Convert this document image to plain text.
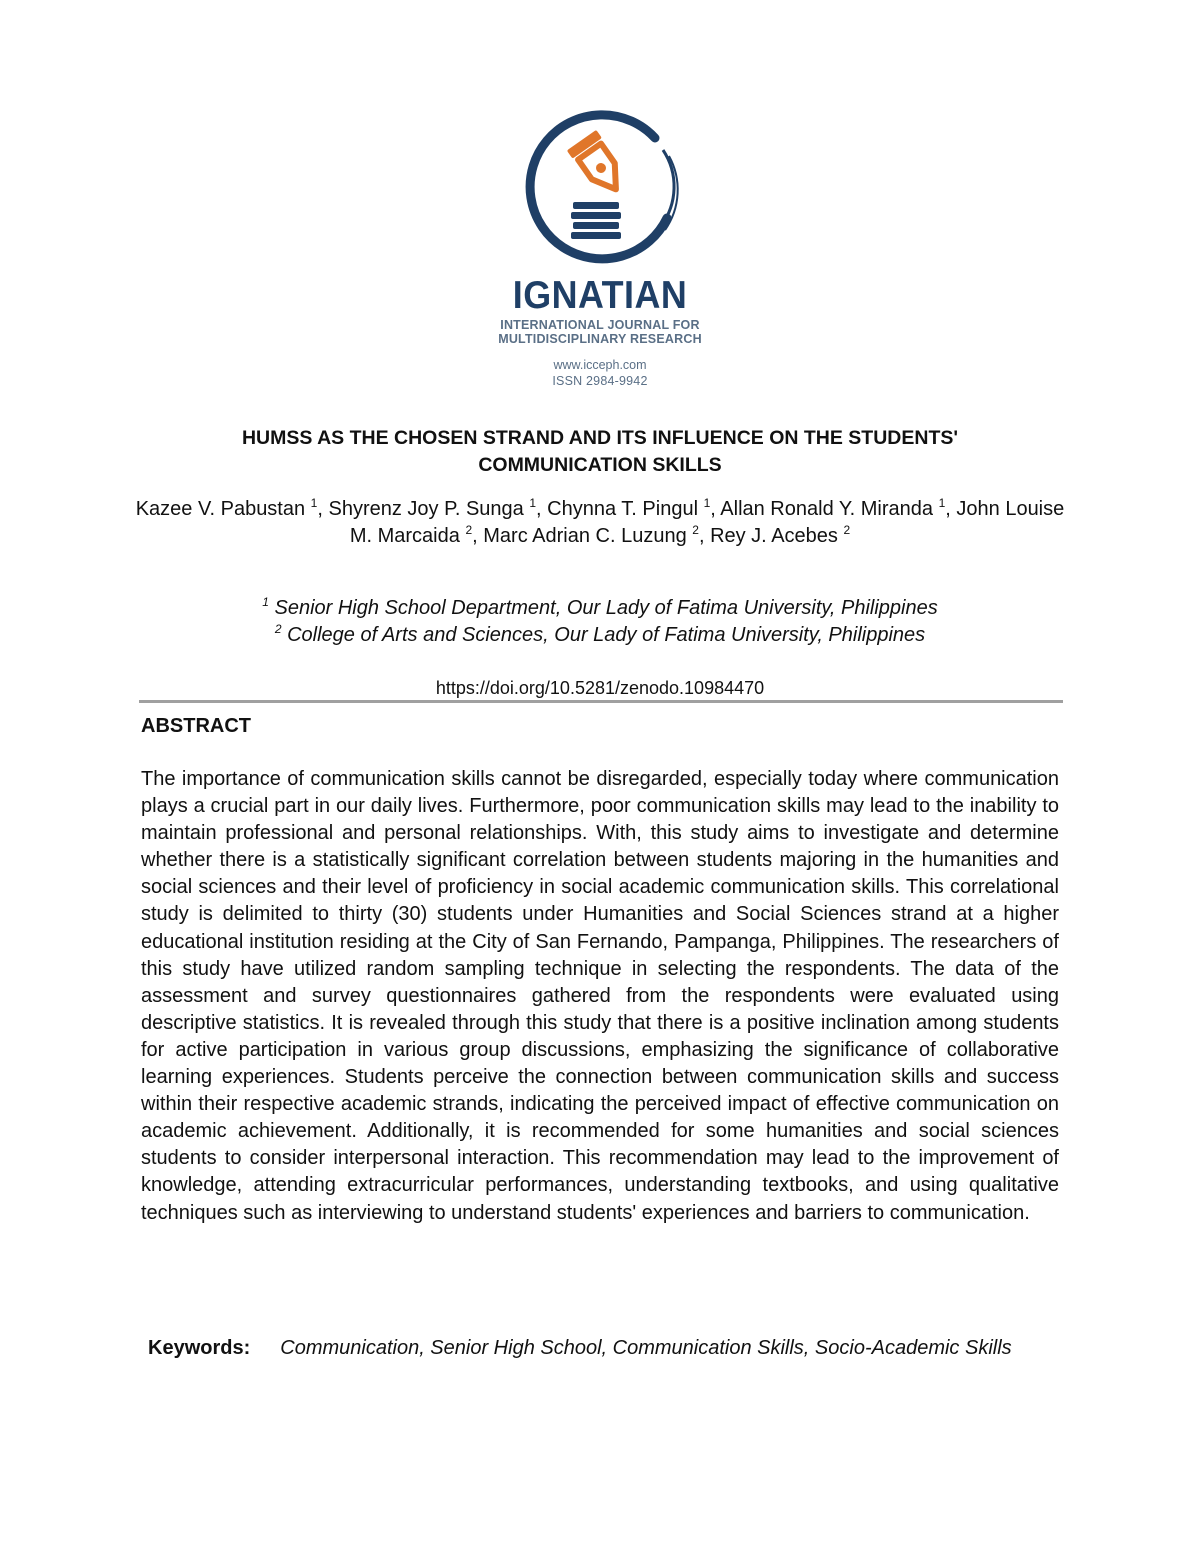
IGNATIAN
INTERNATIONAL JOURNAL FOR
MULTIDISCIPLINARY RESEARCH
www.icceph.com
ISSN 2984-9942
HUMSS AS THE CHOSEN STRAND AND ITS INFLUENCE ON THE STUDENTS'
COMMUNICATION SKILLS
Kazee V. Pabustan $^1$, Shyrenz Joy P. Sunga $^1$, Chynna T. Pingul $^1$, Allan Ronald Y. Miranda $^1$, John Louise M. Marcaida $^2$, Marc Adrian C. Luzung $^2$, Rey J. Acebes $^2$
$^1$ Senior High School Department, Our Lady of Fatima University, Philippines
$^2$ College of Arts and Sciences, Our Lady of Fatima University, Philippines
https://doi.org/10.5281/zenodo.10984470
ABSTRACT
The importance of communication skills cannot be disregarded, especially today where communication plays a crucial part in our daily lives. Furthermore, poor communication skills may lead to the inability to maintain professional and personal relationships. With, this study aims to investigate and determine whether there is a statistically significant correlation between students majoring in the humanities and social sciences and their level of proficiency in social academic communication skills. This correlational study is delimited to thirty (30) students under Humanities and Social Sciences strand at a higher educational institution residing at the City of San Fernando, Pampanga, Philippines. The researchers of this study have utilized random sampling technique in selecting the respondents. The data of the assessment and survey questionnaires gathered from the respondents were evaluated using descriptive statistics. It is revealed through this study that there is a positive inclination among students for active participation in various group discussions, emphasizing the significance of collaborative learning experiences. Students perceive the connection between communication skills and success within their respective academic strands, indicating the perceived impact of effective communication on academic achievement. Additionally, it is recommended for some humanities and social sciences students to consider interpersonal interaction. This recommendation may lead to the improvement of knowledge, attending extracurricular performances, understanding textbooks, and using qualitative techniques such as interviewing to understand students' experiences and barriers to communication.
Keywords: Communication, Senior High School, Communication Skills, Socio-Academic Skills
